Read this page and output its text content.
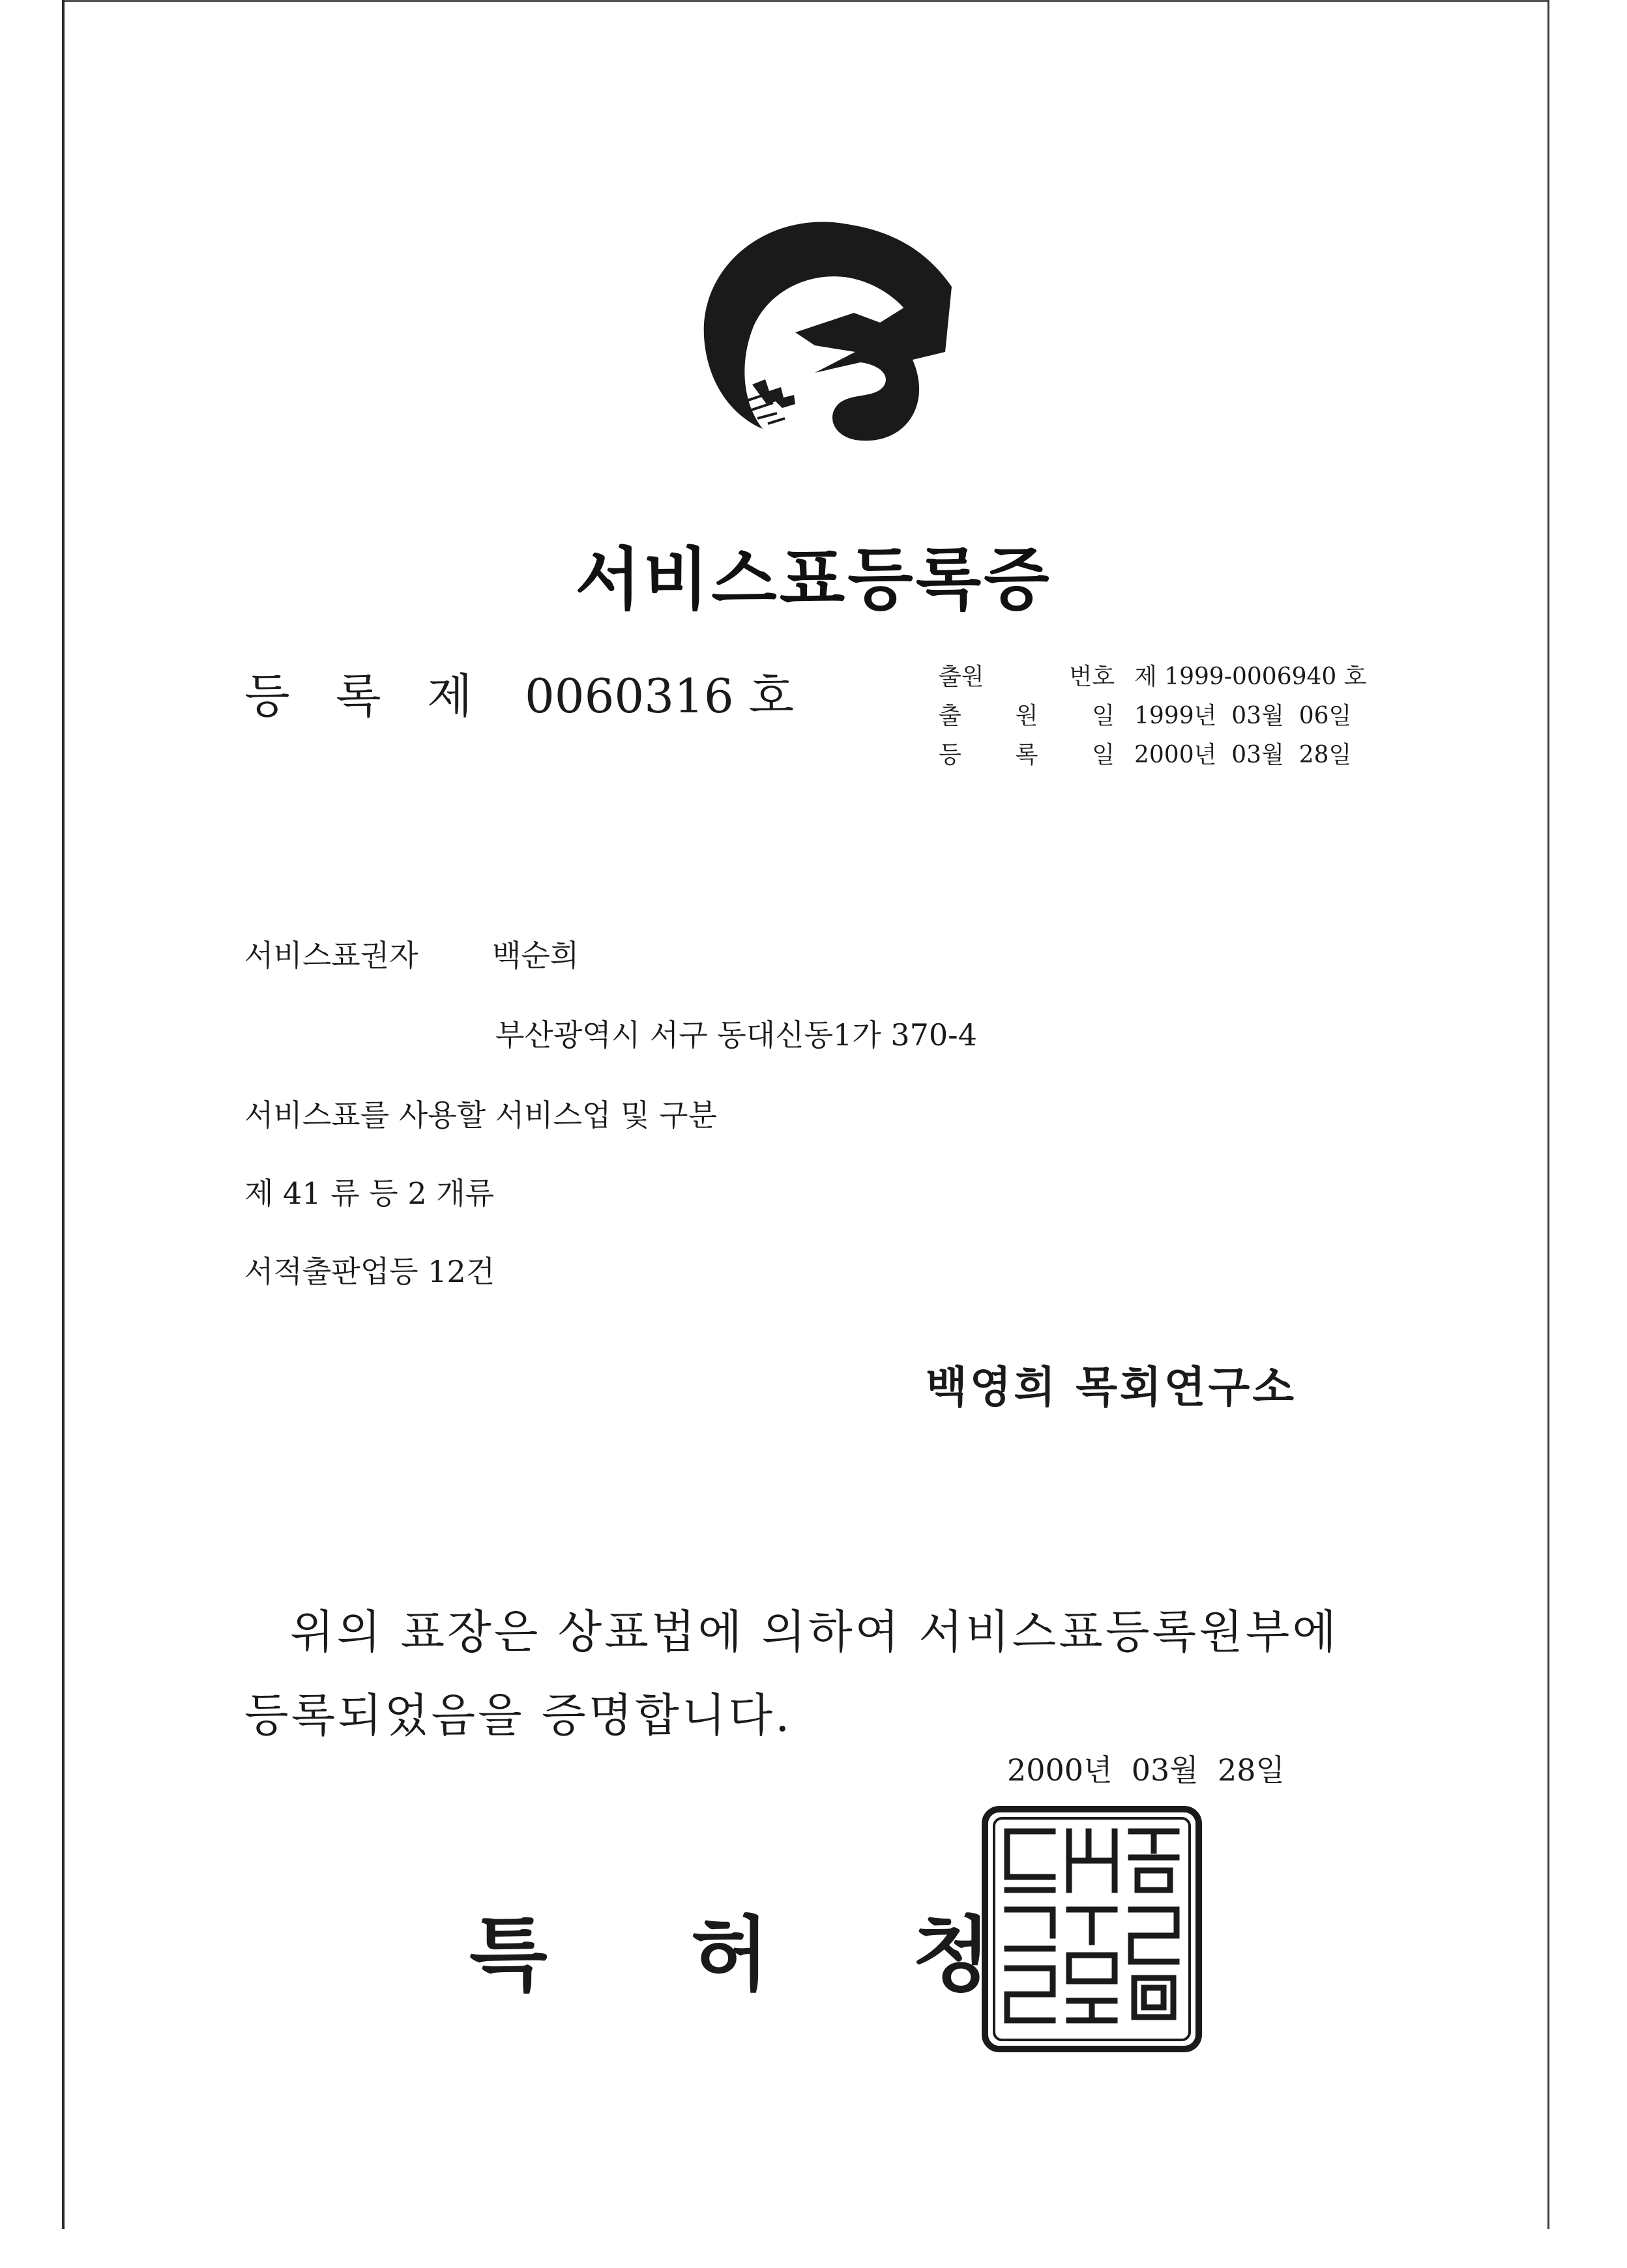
서비스표등록증
등 록 제 0060316 호	출원	번호 제 1999-0006940 호
출 원 일 1999년  03월  06일
등 록 일 2000년  03월  28일
서비스표권자 백순희
부산광역시 서구 동대신동1가 370-4
서비스표를 사용할 서비스업 및 구분
제 41 류 등 2 개류
서적출판업등 12건
백영희 목회연구소
위의 표장은 상표법에 의하여 서비스표등록원부에
등록되었음을 증명합니다.
2000년  03월  28일
특 허 청
